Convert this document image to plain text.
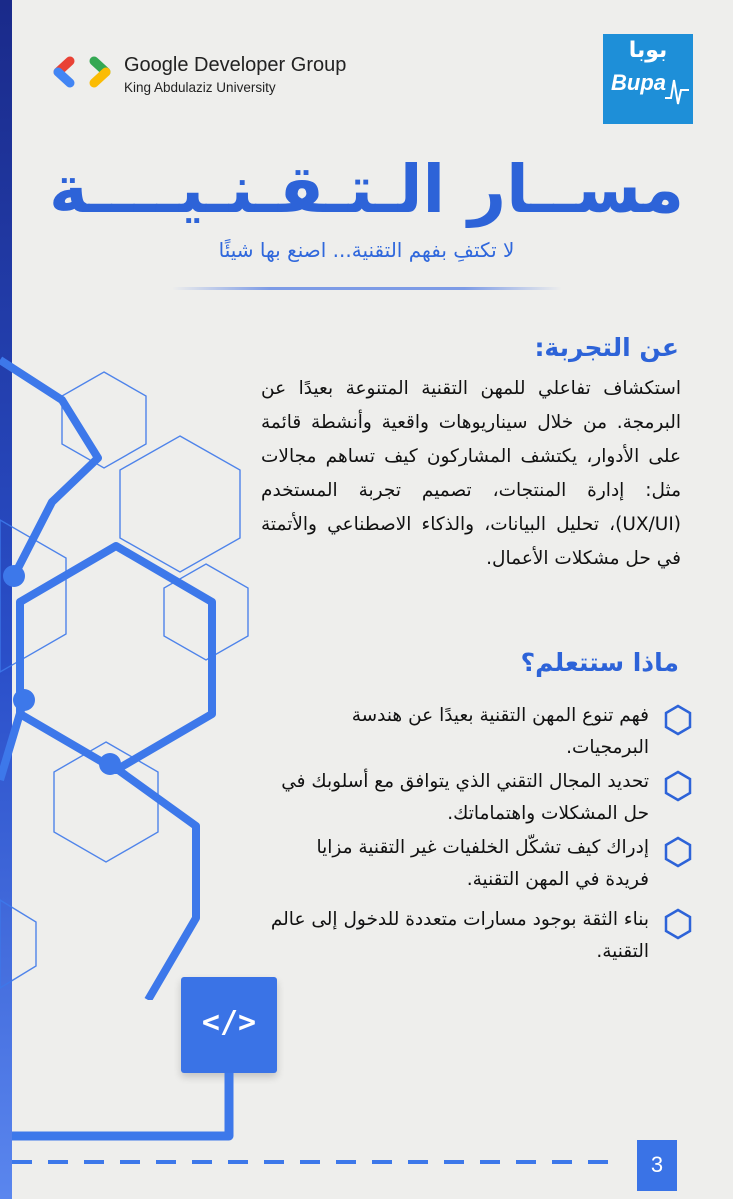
Google Developer Group
King Abdulaziz University
بوبا
Bupa
مســار الـتـقـنـيــــة
لا تكتفِ بفهم التقنية... اصنع بها شيئًا
عن التجربة:
استكشاف تفاعلي للمهن التقنية المتنوعة بعيدًا عن البرمجة. من خلال سيناريوهات واقعية وأنشطة قائمة على الأدوار، يكتشف المشاركون كيف تساهم مجالات مثل: إدارة المنتجات، تصميم تجربة المستخدم (UX/UI)، تحليل البيانات، والذكاء الاصطناعي والأتمتة في حل مشكلات الأعمال.
ماذا ستتعلم؟
فهم تنوع المهن التقنية بعيدًا عن هندسة البرمجيات.
تحديد المجال التقني الذي يتوافق مع أسلوبك في حل المشكلات واهتماماتك.
إدراك كيف تشكّل الخلفيات غير التقنية مزايا فريدة في المهن التقنية.
بناء الثقة بوجود مسارات متعددة للدخول إلى عالم التقنية.
</>
3
